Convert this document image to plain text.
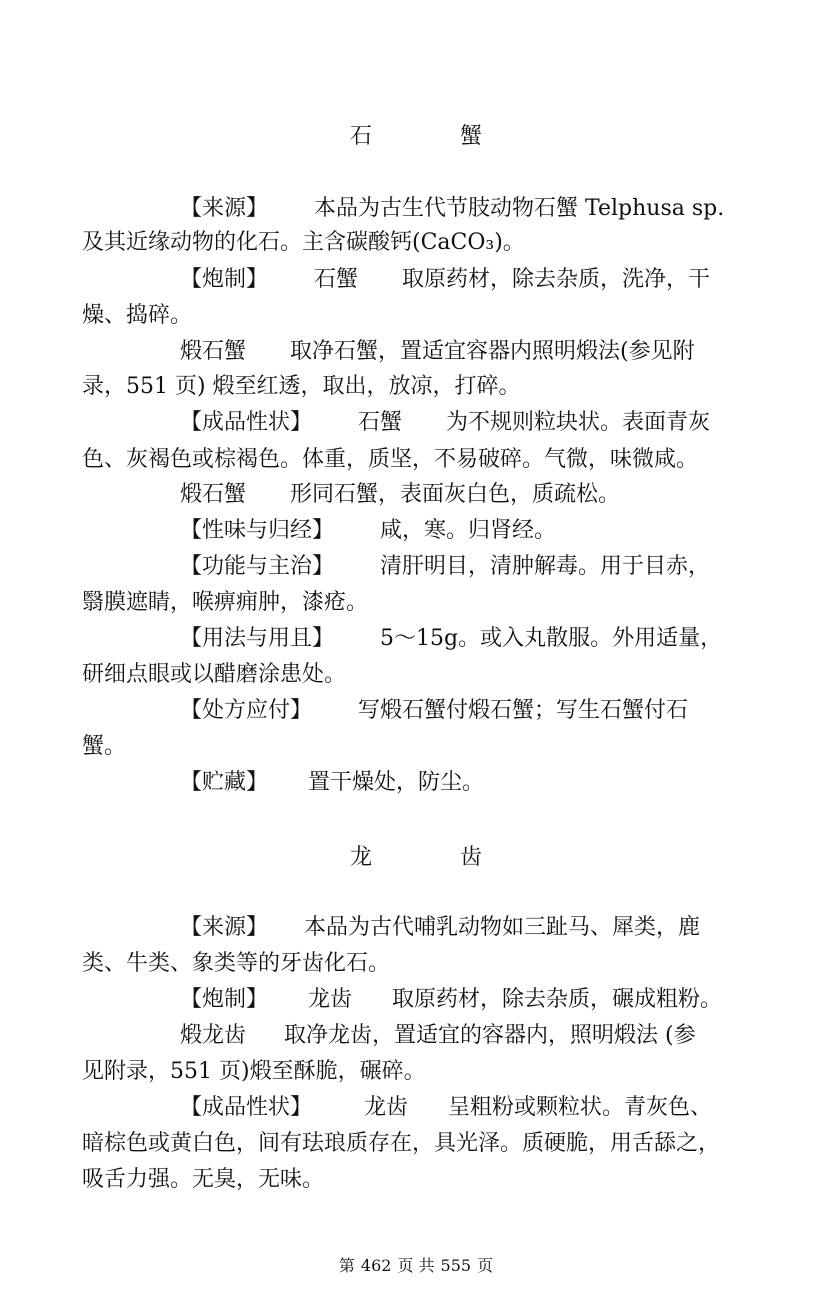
石	蟹
【来源】 本品为古生代节肢动物石蟹 Telphusa sp.
及其近缘动物的化石。主含碳酸钙(CaCO₃)。
【炮制】 石蟹 取原药材，除去杂质，洗净，干
燥、捣碎。
煅石蟹 取净石蟹，置适宜容器内照明煅法(参见附
录，551 页) 煅至红透，取出，放凉，打碎。
【成品性状】 石蟹 为不规则粒块状。表面青灰
色、灰褐色或棕褐色。体重，质坚，不易破碎。气微，味微咸。
煅石蟹 形同石蟹，表面灰白色，质疏松。
【性味与归经】 咸，寒。归肾经。
【功能与主治】 清肝明目，清肿解毒。用于目赤，
翳膜遮睛，喉痹痈肿，漆疮。
【用法与用且】 5～15g。或入丸散服。外用适量，
研细点眼或以醋磨涂患处。
【处方应付】 写煅石蟹付煅石蟹；写生石蟹付石
蟹。
【贮藏】 置干燥处，防尘。
龙	齿
【来源】 本品为古代哺乳动物如三趾马、犀类，鹿
类、牛类、象类等的牙齿化石。
【炮制】 龙齿 取原药材，除去杂质，碾成粗粉。
煅龙齿 取净龙齿，置适宜的容器内，照明煅法 (参
见附录，551 页)煅至酥脆，碾碎。
【成品性状】 龙齿 呈粗粉或颗粒状。青灰色、
暗棕色或黄白色，间有珐琅质存在，具光泽。质硬脆，用舌舔之，
吸舌力强。无臭，无味。
第 462 页 共 555 页
